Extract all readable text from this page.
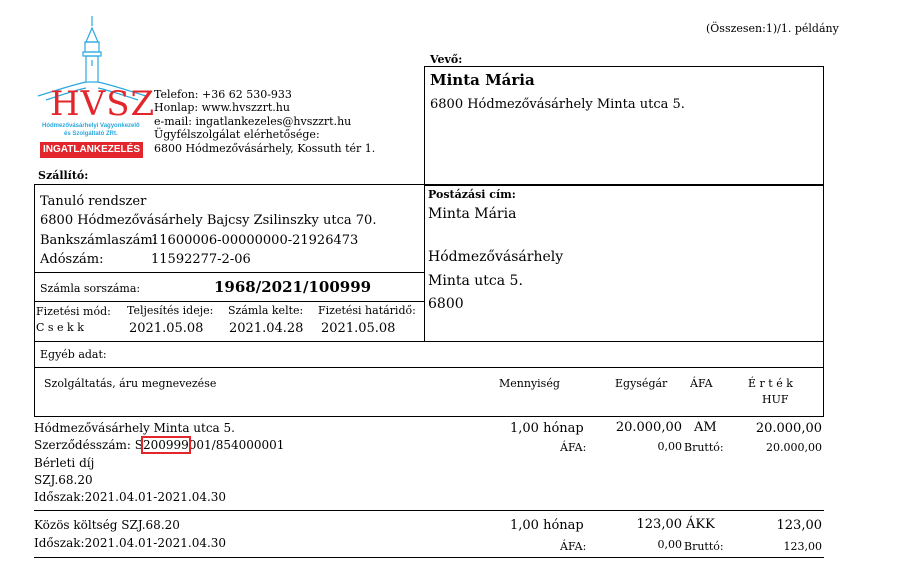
(Összesen:1)/1. példány
HVSZ
Hódmezővásárhelyi Vagyonkezelő
és Szolgáltató ZRt.
INGATLANKEZELÉS
Telefon: +36 62 530-933
Honlap: www.hvszzrt.hu
e-mail: ingatlankezeles@hvszzrt.hu
Ügyfélszolgálat elérhetősége:
6800 Hódmezővásárhely, Kossuth tér 1.
Vevő:
Minta Mária
6800 Hódmezővásárhely Minta utca 5.
Szállító:
Tanuló rendszer
6800 Hódmezővásárhely Bajcsy Zsilinszky utca 70.
Bankszámlaszám:
11600006-00000000-21926473
Adószám:	11592277-2-06
Számla sorszáma:	1968/2021/100999
Fizetési mód:
C s e k k
Teljesítés ideje:
2021.05.08
Számla kelte:
2021.04.28
Fizetési határidő:
2021.05.08
Postázási cím:
Minta Mária
Hódmezővásárhely
Minta utca 5.
6800
Egyéb adat:
Szolgáltatás, áru megnevezése	Mennyiség	Egységár ÁFA	É r t é k
HUF
Hódmezővásárhely Minta utca 5.
Szerződésszám: S200999001/854000001
Bérleti díj
SZJ.68.20
Időszak:2021.04.01-2021.04.30
1,00 hónap	20.000,00 AM	20.000,00
ÁFA:	0,00 Bruttó:	20.000,00
Közös költség SZJ.68.20
Időszak:2021.04.01-2021.04.30
1,00 hónap	123,00 ÁKK	123,00
ÁFA:	0,00 Bruttó:	123,00
